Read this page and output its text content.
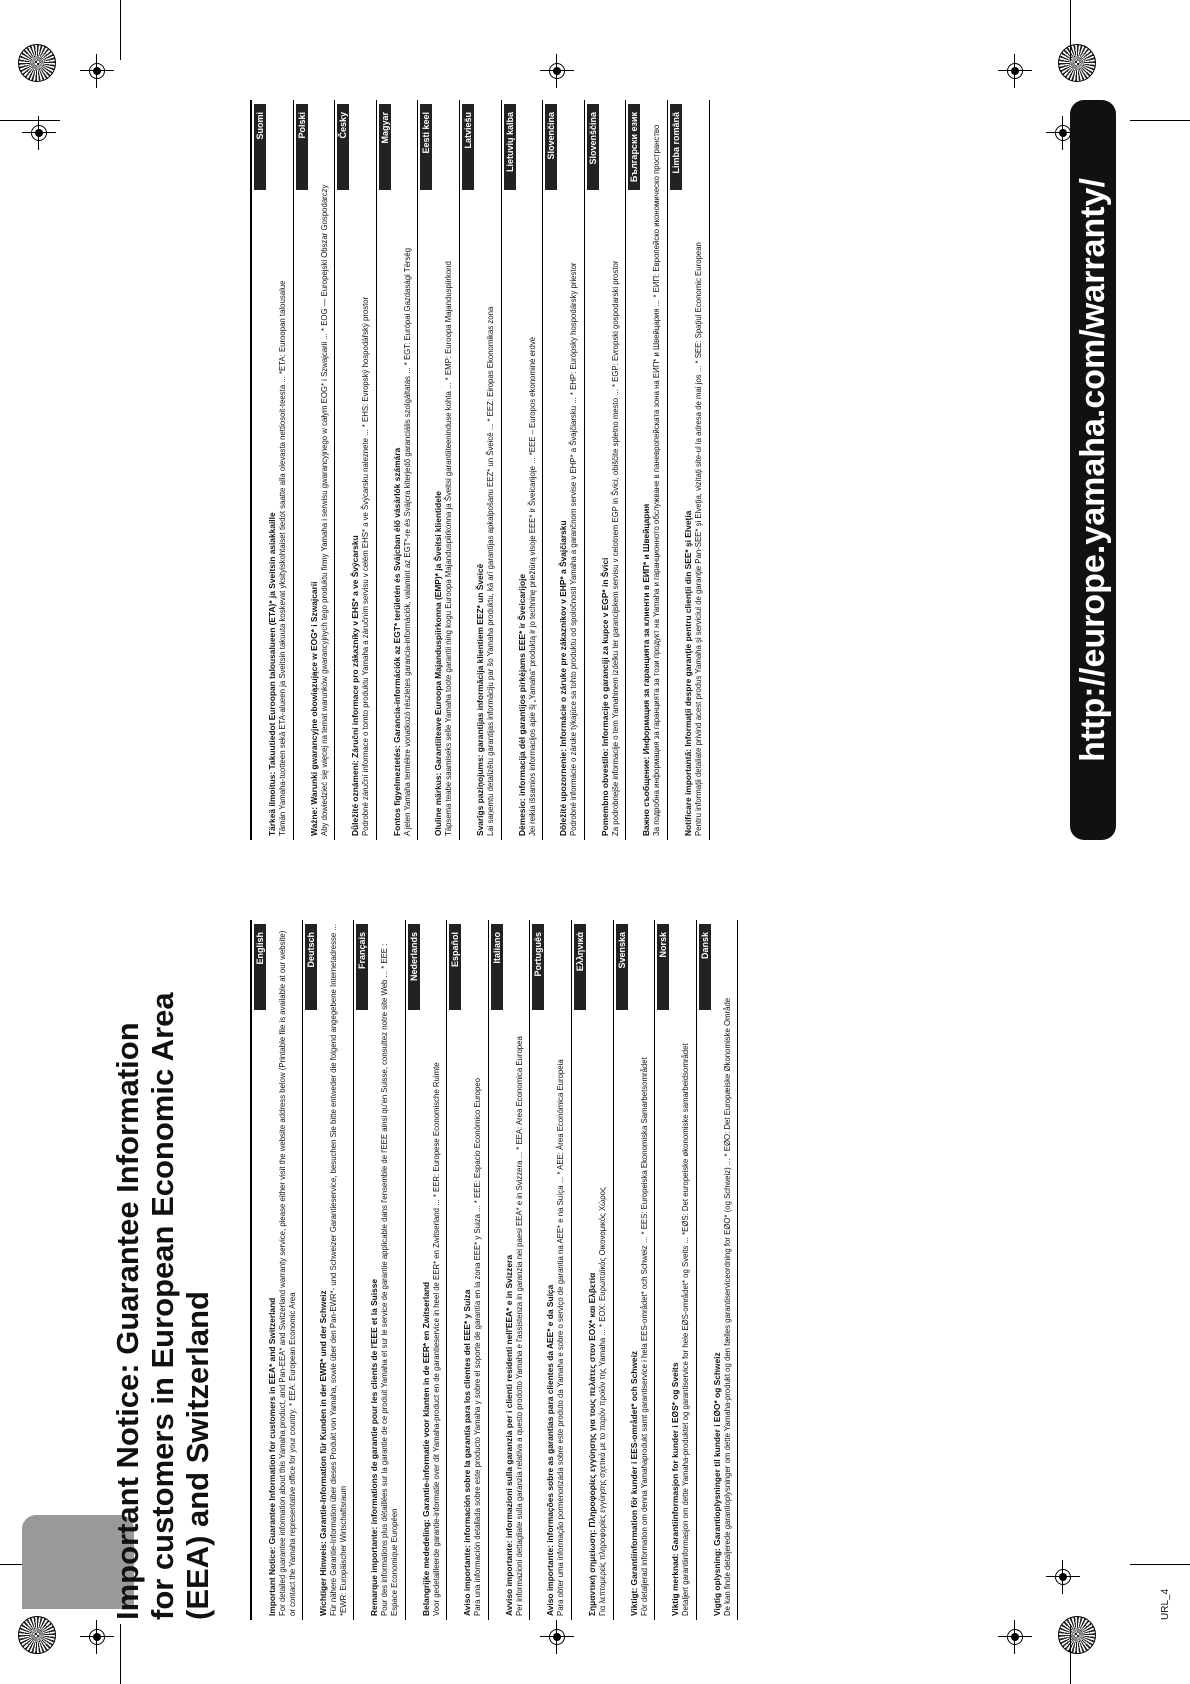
Important Notice: Guarantee Information for customers in European Economic Area (EEA) and Switzerland
English
Important Notice: Guarantee Information for customers in EEA* and Switzerland For detailed guarantee information about this Yamaha product, and Pan-EEA* and Switzerland warranty service, please either visit the website address below (Printable file is available at our website) or contact the Yamaha representative office for your country. * EEA: European Economic Area
Deutsch
Wichtiger Hinweis: Garantie-Information für Kunden in der EWR* und der Schweiz Für nähere Garantie-Information über dieses Produkt von Yamaha, sowie über den Pan-EWR*- und Schweizer Garantieservice, besuchen Sie bitte entweder die folgend angegebene Internetadresse ... *EWR: Europäischer Wirtschaftsraum
Français
Remarque importante: informations de garantie pour les clients de l'EEE et la Suisse Pour des informations plus détaillées sur la garantie de ce produit Yamaha et sur le service de garantie applicable dans l'ensemble de l'EEE ainsi qu'en Suisse, consultez notre site Web ... * EEE : Espace Economique Européen
Nederlands
Belangrijke mededeling: Garantie-informatie voor klanten in de EER* en Zwitserland Voor gedetailleerde garantie-informatie over dit Yamaha-product en de garantieservice in heel de EER* en Zwitserland ... * EER: Europese Economische Ruimte
Español
Aviso importante: información sobre la garantía para los clientes del EEE* y Suiza Para una información detallada sobre este producto Yamaha y sobre el soporte de garantía en la zona EEE* y Suiza ... * EEE: Espacio Económico Europeo
Italiano
Avviso importante: informazioni sulla garanzia per i clienti residenti nell'EEA* e in Svizzera Per informazioni dettagliate sulla garanzia relativa a questo prodotto Yamaha e l'assistenza in garanzia nei paesi EEA* e in Svizzera ... * EEA: Area Economica Europea
Português
Aviso importante: informações sobre as garantias para clientes da AEE* e da Suíça Para obter uma informação pormenorizada sobre este produto da Yamaha e sobre o serviço de garantia na AEE* e na Suíça ... * AEE: Área Económica Europeia
Ελληνικά
Σημαντική σημείωση: Πληροφορίες εγγύησης για τους πελάτες στον ΕΟΧ* και Ελβετία Για λεπτομερείς πληροφορίες εγγύησης σχετικά με το παρόν προϊόν της Yamaha ... * ΕΟΧ: Ευρωπαϊκός Οικονομικός Χώρος
Svenska
Viktigt: Garantiinformation för kunder i EES-området* och Schweiz För detaljerad information om denna Yamahaprodukt samt garantiservice i hela EES-området* och Schweiz ... * EES: Europeiska Ekonomiska Samarbetsområdet
Norsk
Viktig merknad: Garantiinformasjon for kunder i EØS* og Sveits Detaljert garantiinformasjon om dette Yamaha-produktet og garantiservice for hele EØS-området* og Sveits ... *EØS: Det europeiske økonomiske samarbeidsområdet
Dansk
Vigtig oplysning: Garantioplysninger til kunder i EØO* og Schweiz De kan finde detaljerede garantioplysninger om dette Yamaha-produkt og den fælles garantiserviceordning for EØO* (og Schweiz) ... * EØO: Det Europæiske Økonomiske Område
Suomi
Tärkeä ilmoitus: Takuutiedot Euroopan talousalueen (ETA)* ja Sveitsin asiakkaille Tämän Yamaha-tuotteen sekä ETA-alueen ja Sveitsin takuuta koskevat yksityiskohtaiset tiedot saatte alla olevasta nettiosoit-teesta ... *ETA: Euroopan talousalue
Polski
Ważne: Warunki gwarancyjne obowiązujące w EOG* i Szwajcarii Aby dowiedzieć się więcej na temat warunków gwarancyjnych tego produktu firmy Yamaha i serwisu gwarancyjnego w całym EOG* i Szwajcarii ... * EOG — Europejski Obszar Gospodarczy
Česky
Důležité oznámení: Záruční informace pro zákazníky v EHS* a ve Švýcarsku Podrobné záruční informace o tomto produktu Yamaha a záručním servisu v celém EHS* a ve Švýcarsku naleznete ... * EHS: Evropský hospodářský prostor
Magyar
Fontos figyelmeztetés: Garancia-információk az EGT* területén és Svájcban élő vásárlók számára A jelen Yamaha termékre vonatkozó részletes garancia-információk, valamint az EGT*-re és Svájcra kiterjedő garanciális szolgáltatás ... * EGT: Európai Gazdasági Térség
Eesti keel
Oluline märkus: Garantiiteave Euroopa Majanduspiirkonna (EMP)* ja Šveitsi klientidele Täpsema teabe saamiseks selle Yamaha toote garantii ning kogu Euroopa Majanduspiirkonna ja Šveitsi garantiiteeninduse kohta ... * EMP: Euroopa Majanduspiirkond
Latviešu
Svarīgs paziņojums: garantijas informācija klientiem EEZ* un Šveicē Lai saņemtu detalizētu garantijas informāciju par šo Yamaha produktu, kā arī garantijas apkalpošanu EEZ* un Šveicē ... * EEZ: Eiropas Ekonomikas zona
Lietuvių kalba
Dėmesio: informacija dėl garantijos pirkėjams EEE* ir Šveicarijoje Jei reikia išsamios informacijos apie šį „Yamaha“ produktą ir jo techninę priežiūrą visoje EEE* ir Šveicarijoje ... *EEE – Europos ekonominė erdvė
Slovenčina
Dôležité upozornenie: Informácie o záruke pre zákazníkov v EHP* a Švajčiarsku Podrobné informácie o záruke týkajúce sa tohto produktu od spoločnosti Yamaha a garančnom servise v EHP* a Švajčiarsku ... * EHP: Európsky hospodársky priestor
Slovenščina
Pomembno obvestilo: Informacije o garanciji za kupce v EGP* in Švici Za podrobnejše informacije o tem Yamahinem izdelku ter garancijskem servisu v celotnem EGP in Švici, obiščite spletno mesto ... * EGP: Evropski gospodarski prostor
Български език
Важно съобщение: Информация за гаранцията за клиенти в ЕИП* и Швейцария За подробна информация за гаранцията за този продукт на Yamaha и гаранционното обслужване в паневропейската зона на ЕИП* и Швейцария ... * ЕИП: Европейско икономическо пространство Limba română
Notificare importantă: Informaţii despre garanţie pentru clienţii din SEE* şi Elveţia Pentru informaţii detaliate privind acest produs Yamaha şi serviciul de garanţie Pan-SEE* şi Elveţia, vizitaţi site-ul la adresa de mai jos ... * SEE: Spaţiul Economic European	http://europe.yamaha.com/warranty/
URL_4
